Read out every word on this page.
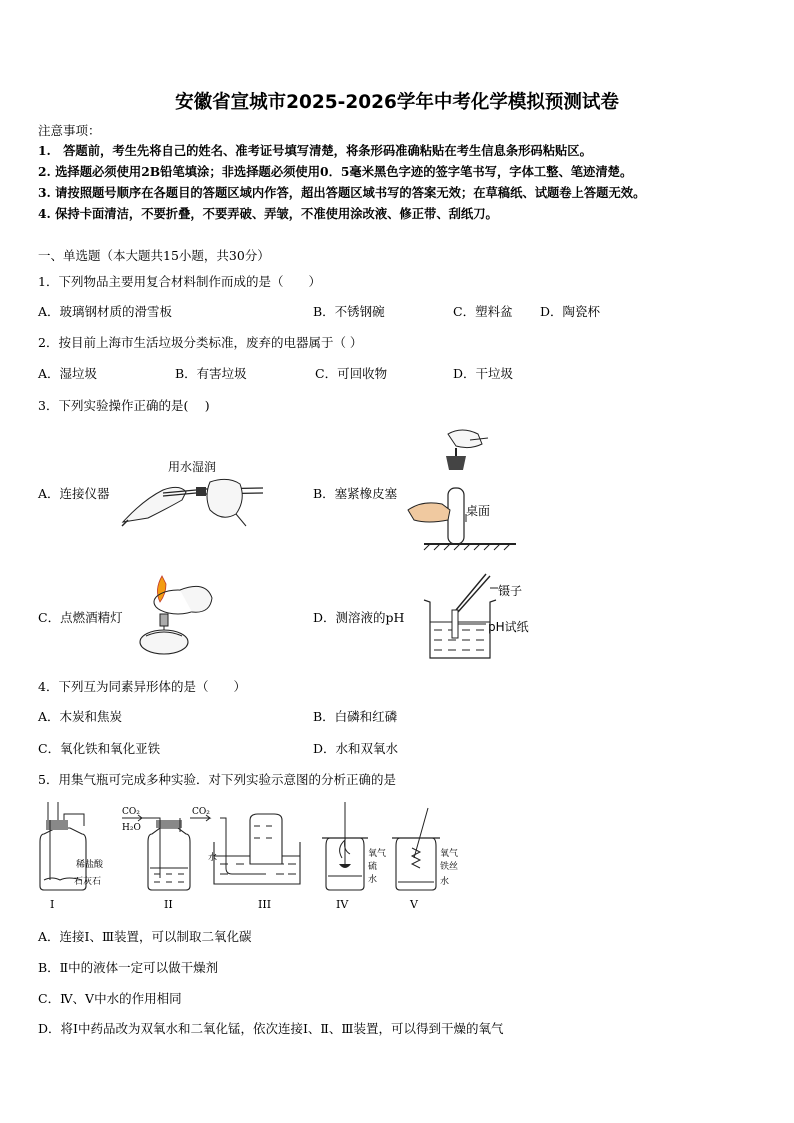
安徽省宣城市2025-2026学年中考化学模拟预测试卷
注意事项：
1.　答题前，考生先将自己的姓名、准考证号填写清楚，将条形码准确粘贴在考生信息条形码粘贴区。
2. 选择题必须使用2B铅笔填涂；非选择题必须使用0．5毫米黑色字迹的签字笔书写，字体工整、笔迹清楚。
3. 请按照题号顺序在各题目的答题区域内作答，超出答题区域书写的答案无效；在草稿纸、试题卷上答题无效。
4. 保持卡面清洁，不要折叠，不要弄破、弄皱，不准使用涂改液、修正带、刮纸刀。
一、单选题（本大题共15小题，共30分）
1．下列物品主要用复合材料制作而成的是（　　）
A．玻璃钢材质的滑雪板	B．不锈钢碗	C．塑料盆 D．陶瓷杯
2．按目前上海市生活垃圾分类标准，废弃的电器属于（ ）
A．湿垃圾	B．有害垃圾	C．可回收物	D．干垃圾
3．下列实验操作正确的是(　 )
A．连接仪器
用水湿润
B．塞紧橡皮塞
桌面
C．点燃酒精灯	D．测溶液的pH
镊子
pH试纸
4．下列互为同素异形体的是（　　）
A．木炭和焦炭	B．白磷和红磷
C．氧化铁和氧化亚铁	D．水和双氧水
5．用集气瓶可完成多种实验．对下列实验示意图的分析正确的是
稀盐酸
石灰石
I
CO₂
H₂O
CO₂
II
水
III
氧气
硫
水
IV
氧气
铁丝
水
V
A．连接Ⅰ、Ⅲ装置，可以制取二氧化碳
B．Ⅱ中的液体一定可以做干燥剂
C．Ⅳ、Ⅴ中水的作用相同
D．将Ⅰ中药品改为双氧水和二氧化锰，依次连接Ⅰ、Ⅱ、Ⅲ装置，可以得到干燥的氧气
